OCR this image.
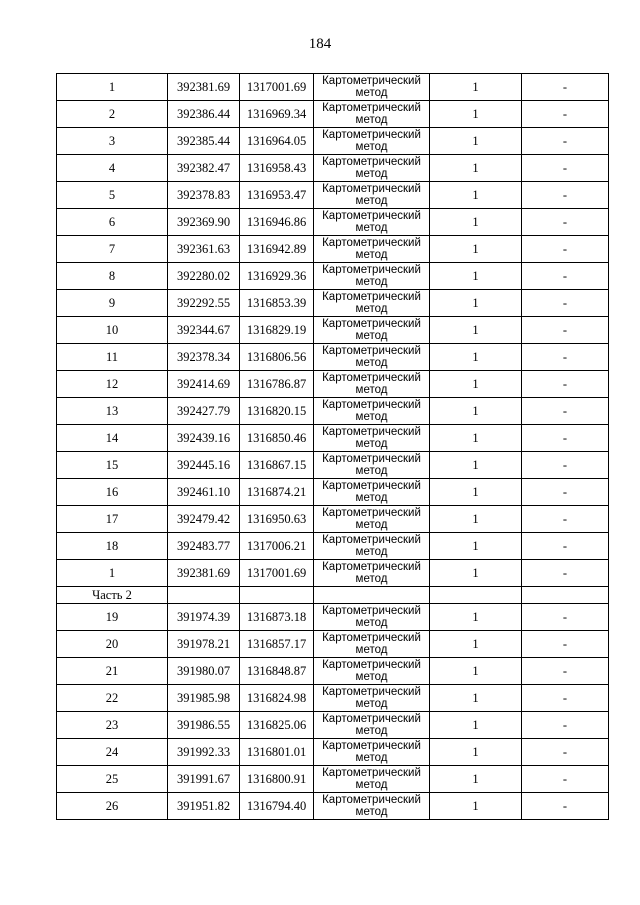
184
1	392381.69	1317001.69	Картометрический метод	1	-
2	392386.44	1316969.34	Картометрический метод	1	-
3	392385.44	1316964.05	Картометрический метод	1	-
4	392382.47	1316958.43	Картометрический метод	1	-
5	392378.83	1316953.47	Картометрический метод	1	-
6	392369.90	1316946.86	Картометрический метод	1	-
7	392361.63	1316942.89	Картометрический метод	1	-
8	392280.02	1316929.36	Картометрический метод	1	-
9	392292.55	1316853.39	Картометрический метод	1	-
10	392344.67	1316829.19	Картометрический метод	1	-
11	392378.34	1316806.56	Картометрический метод	1	-
12	392414.69	1316786.87	Картометрический метод	1	-
13	392427.79	1316820.15	Картометрический метод	1	-
14	392439.16	1316850.46	Картометрический метод	1	-
15	392445.16	1316867.15	Картометрический метод	1	-
16	392461.10	1316874.21	Картометрический метод	1	-
17	392479.42	1316950.63	Картометрический метод	1	-
18	392483.77	1317006.21	Картометрический метод	1	-
1	392381.69	1317001.69	Картометрический метод	1	-
Часть 2					
19	391974.39	1316873.18	Картометрический метод	1	-
20	391978.21	1316857.17	Картометрический метод	1	-
21	391980.07	1316848.87	Картометрический метод	1	-
22	391985.98	1316824.98	Картометрический метод	1	-
23	391986.55	1316825.06	Картометрический метод	1	-
24	391992.33	1316801.01	Картометрический метод	1	-
25	391991.67	1316800.91	Картометрический метод	1	-
26	391951.82	1316794.40	Картометрический метод	1	-
